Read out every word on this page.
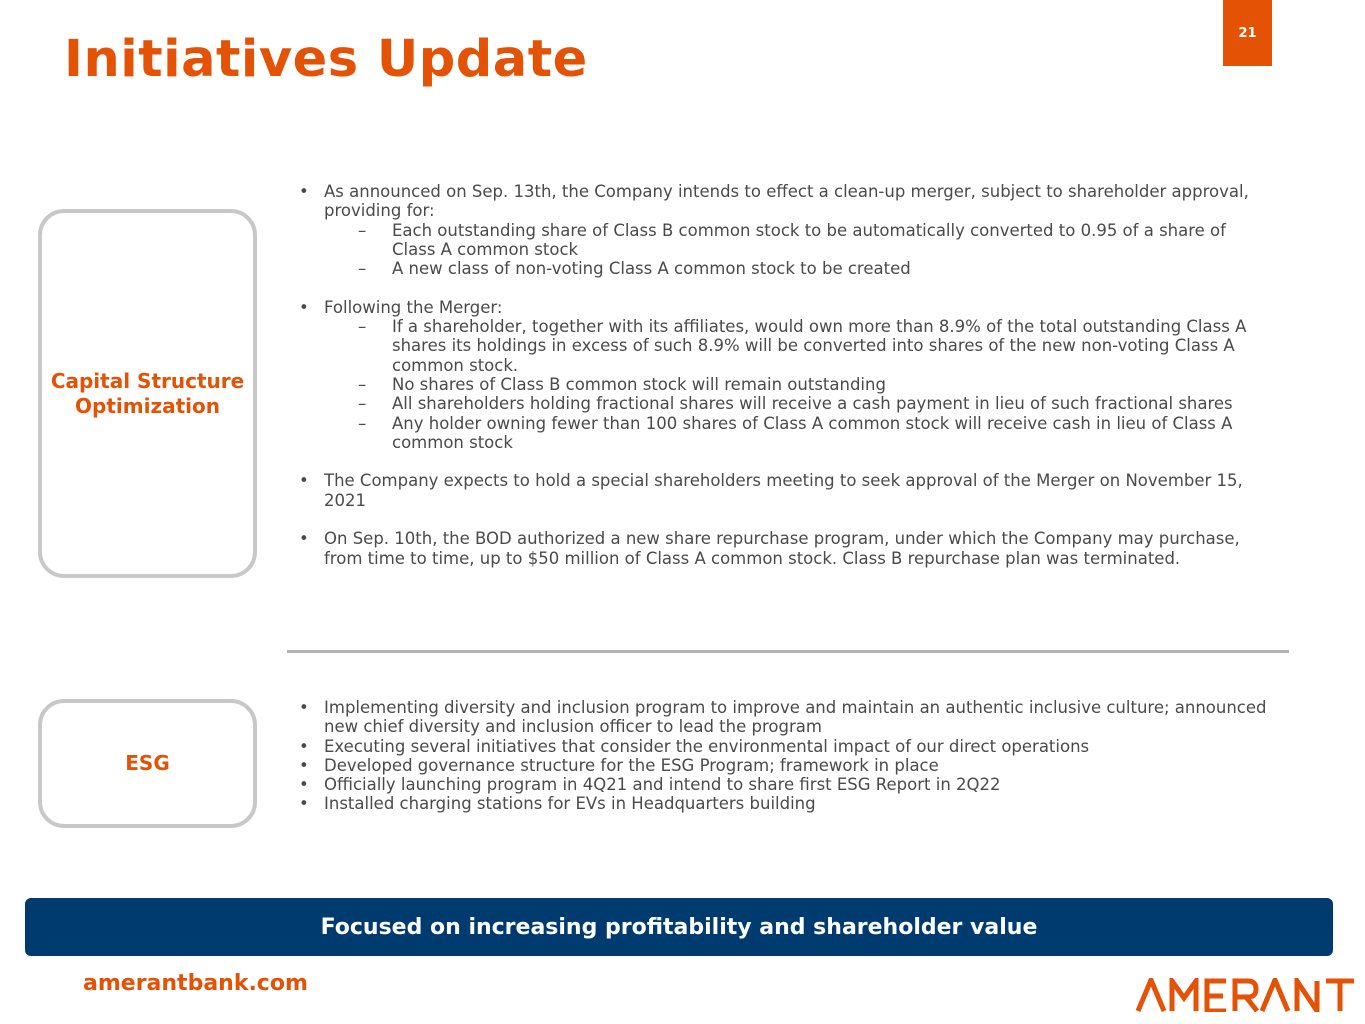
Initiatives Update	21
Capital Structure Optimization
• As announced on Sep. 13th, the Company intends to effect a clean-up merger, subject to shareholder approval, providing for:
– Each outstanding share of Class B common stock to be automatically converted to 0.95 of a share of Class A common stock
– A new class of non-voting Class A common stock to be created
• Following the Merger:
– If a shareholder, together with its affiliates, would own more than 8.9% of the total outstanding Class A shares its holdings in excess of such 8.9% will be converted into shares of the new non-voting Class A common stock.
– No shares of Class B common stock will remain outstanding
– All shareholders holding fractional shares will receive a cash payment in lieu of such fractional shares
– Any holder owning fewer than 100 shares of Class A common stock will receive cash in lieu of Class A common stock
• The Company expects to hold a special shareholders meeting to seek approval of the Merger on November 15, 2021
• On Sep. 10th, the BOD authorized a new share repurchase program, under which the Company may purchase, from time to time, up to $50 million of Class A common stock. Class B repurchase plan was terminated.
ESG
• Implementing diversity and inclusion program to improve and maintain an authentic inclusive culture; announced new chief diversity and inclusion officer to lead the program
• Executing several initiatives that consider the environmental impact of our direct operations
• Developed governance structure for the ESG Program; framework in place
• Officially launching program in 4Q21 and intend to share first ESG Report in 2Q22
• Installed charging stations for EVs in Headquarters building
Focused on increasing profitability and shareholder value
amerantbank.com
